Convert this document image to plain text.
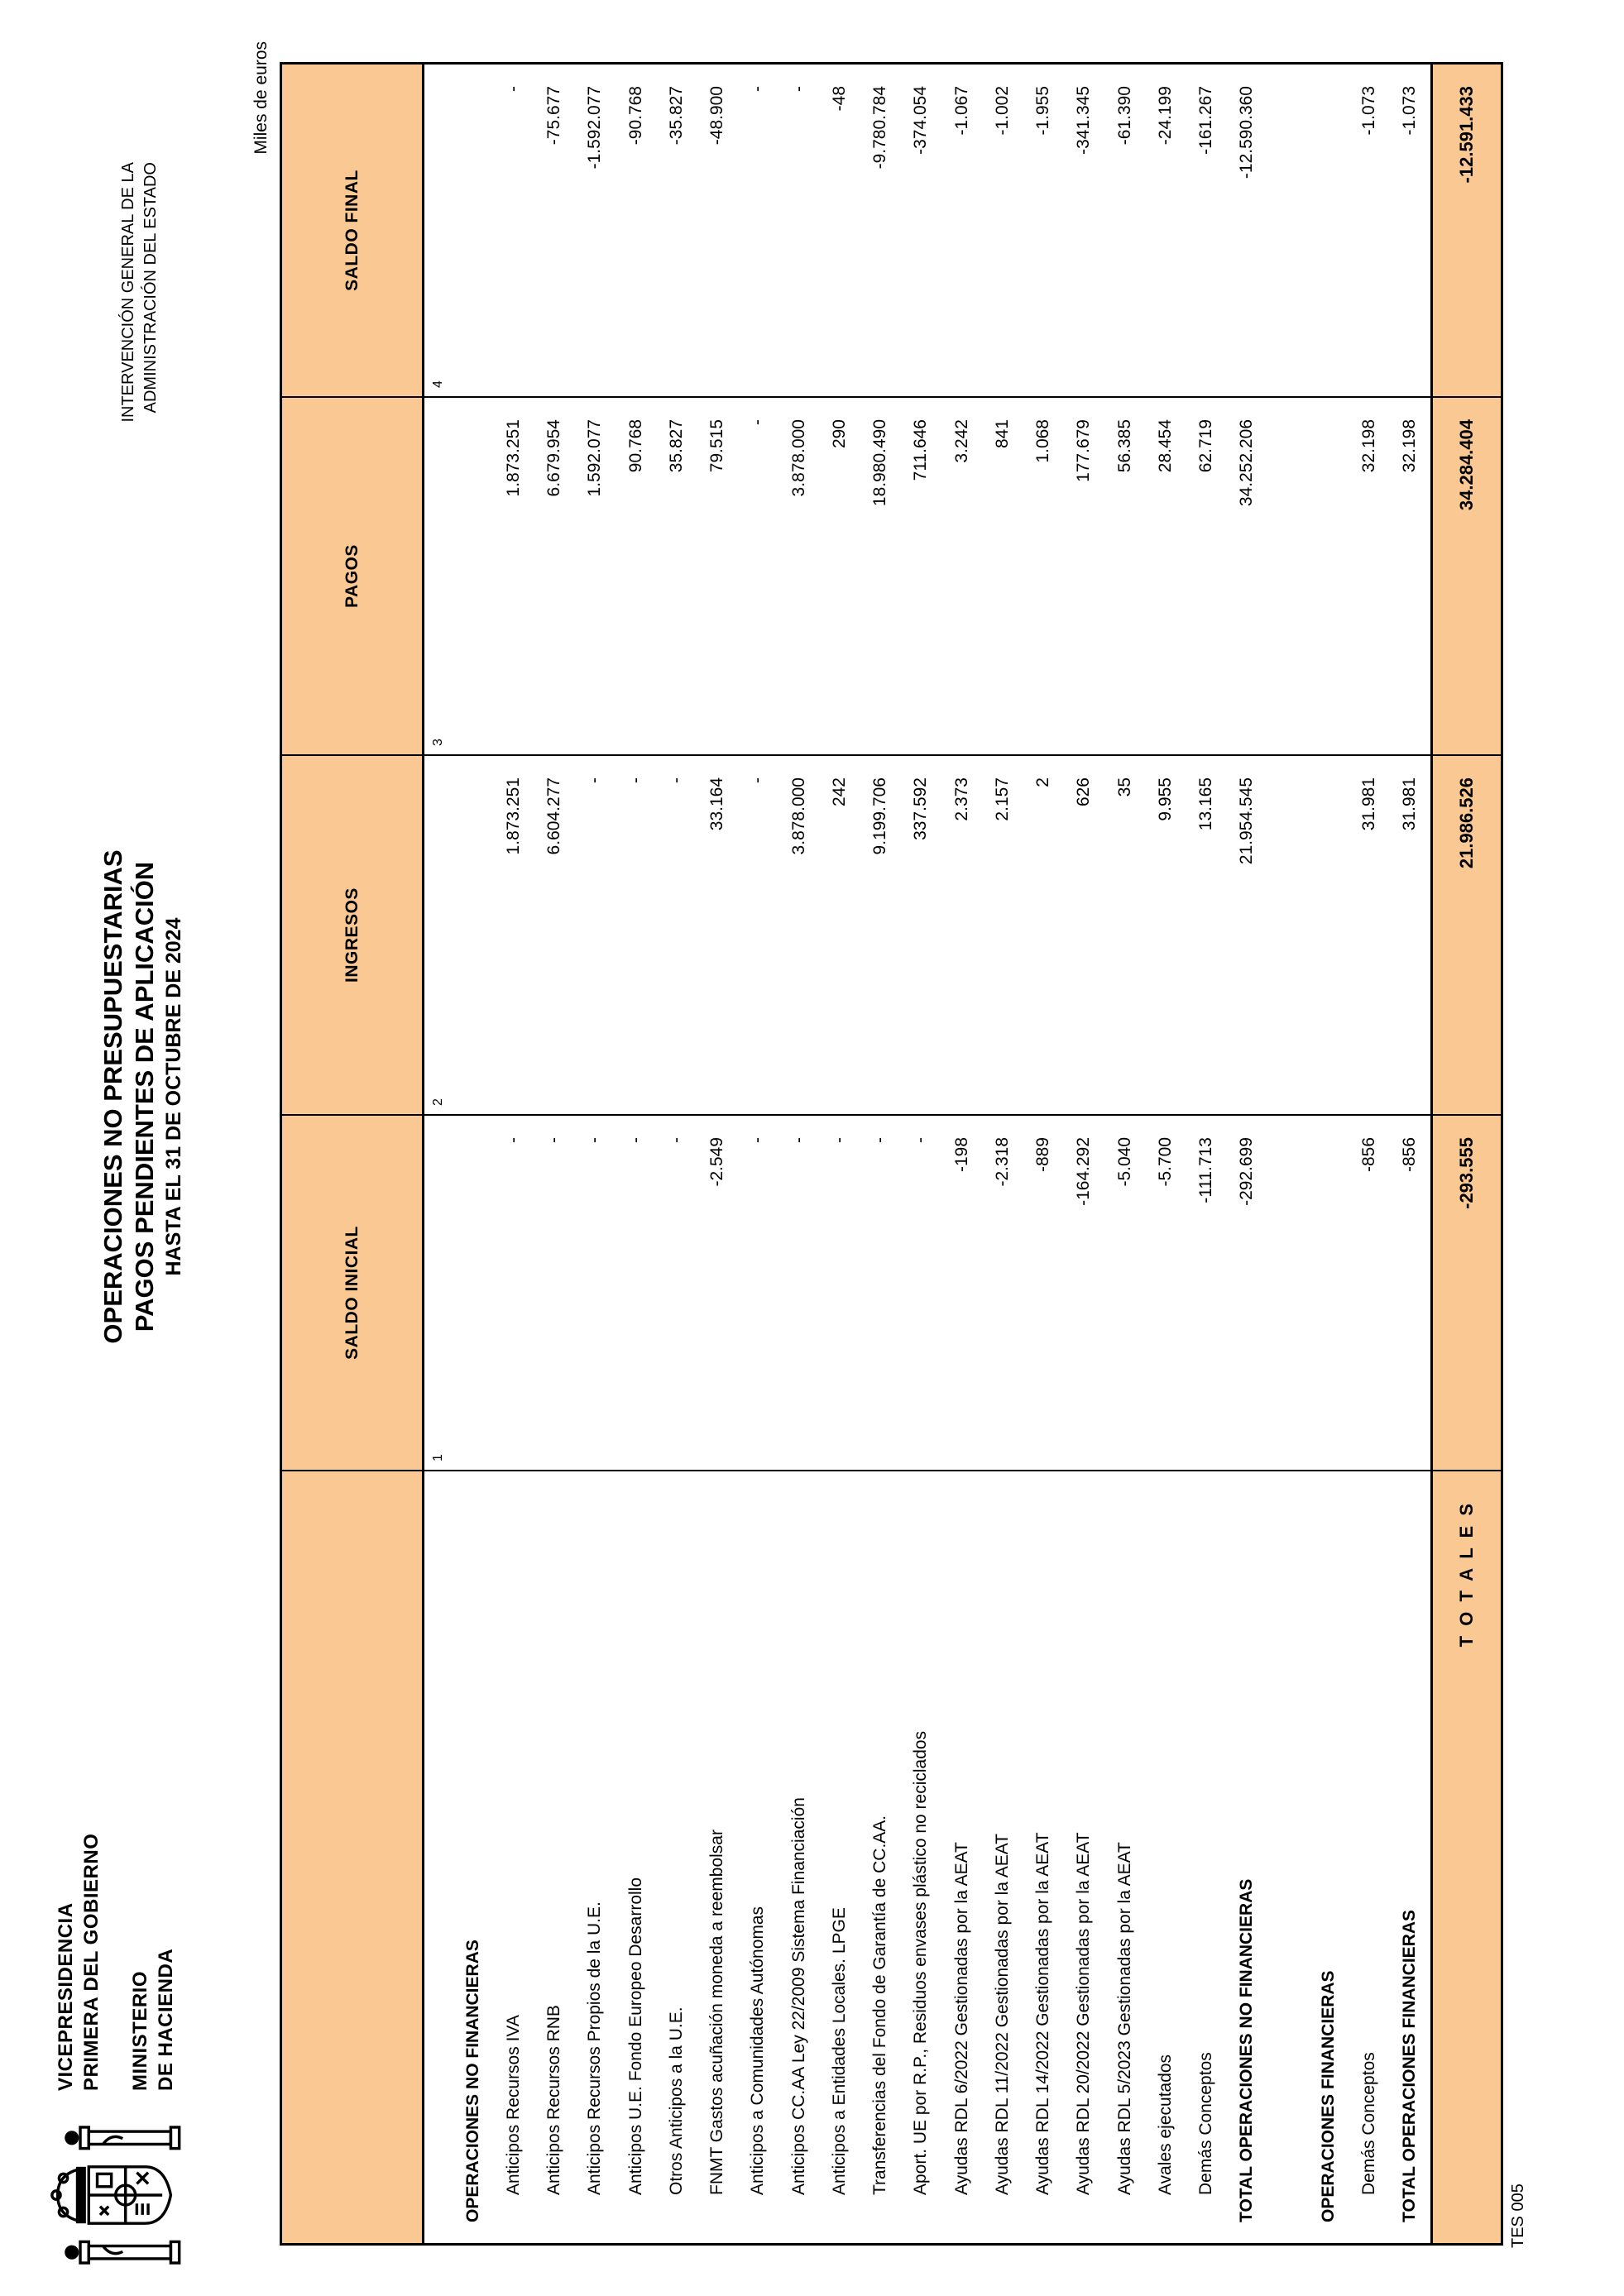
VICEPRESIDENCIA PRIMERA DEL GOBIERNO MINISTERIO DE HACIENDA
OPERACIONES NO PRESUPUESTARIAS PAGOS PENDIENTES DE APLICACIÓN HASTA EL 31 DE OCTUBRE DE 2024
INTERVENCIÓN GENERAL DE LA ADMINISTRACIÓN DEL ESTADO
Miles de euros
TES 005
SALDO INICIAL
INGRESOS
PAGOS
SALDO FINAL
1
2
3
4
OPERACIONES NO FINANCIERAS	Anticipos Recursos IVA
-
1.873.251
1.873.251
-
Anticipos Recursos RNB
-
6.604.277
6.679.954
-75.677
Anticipos Recursos Propios de la U.E.
-
-
1.592.077
-1.592.077
Anticipos U.E. Fondo Europeo Desarrollo
-
-
90.768
-90.768
Otros Anticipos a la U.E.
-
-
35.827
-35.827
FNMT Gastos acuñación moneda a reembolsar
-2.549
33.164
79.515
-48.900
Anticipos a Comunidades Autónomas
-
-
-
-
Anticipos CC.AA Ley 22/2009 Sistema Financiación
-
3.878.000
3.878.000
-
Anticipos a Entidades Locales. LPGE
-
242
290
-48
Transferencias del Fondo de Garantía de CC.AA.
-
9.199.706
18.980.490
-9.780.784
Aport. UE por R.P., Residuos envases plástico no reciclados
-
337.592
711.646
-374.054
Ayudas RDL 6/2022 Gestionadas por la AEAT
-198
2.373
3.242
-1.067
Ayudas RDL 11/2022 Gestionadas por la AEAT
-2.318
2.157
841
-1.002
Ayudas RDL 14/2022 Gestionadas por la AEAT
-889
2
1.068
-1.955
Ayudas RDL 20/2022 Gestionadas por la AEAT
-164.292
626
177.679
-341.345
Ayudas RDL 5/2023 Gestionadas por la AEAT
-5.040
35
56.385
-61.390
Avales ejecutados
-5.700
9.955
28.454
-24.199
Demás Conceptos
-111.713
13.165
62.719
-161.267
TOTAL OPERACIONES NO FINANCIERAS
-292.699
21.954.545
34.252.206
-12.590.360
OPERACIONES FINANCIERAS	Demás Conceptos
-856
31.981
32.198
-1.073
TOTAL OPERACIONES FINANCIERAS
-856
31.981
32.198
-1.073
T O T A L E S
-293.555
21.986.526
34.284.404
-12.591.433
